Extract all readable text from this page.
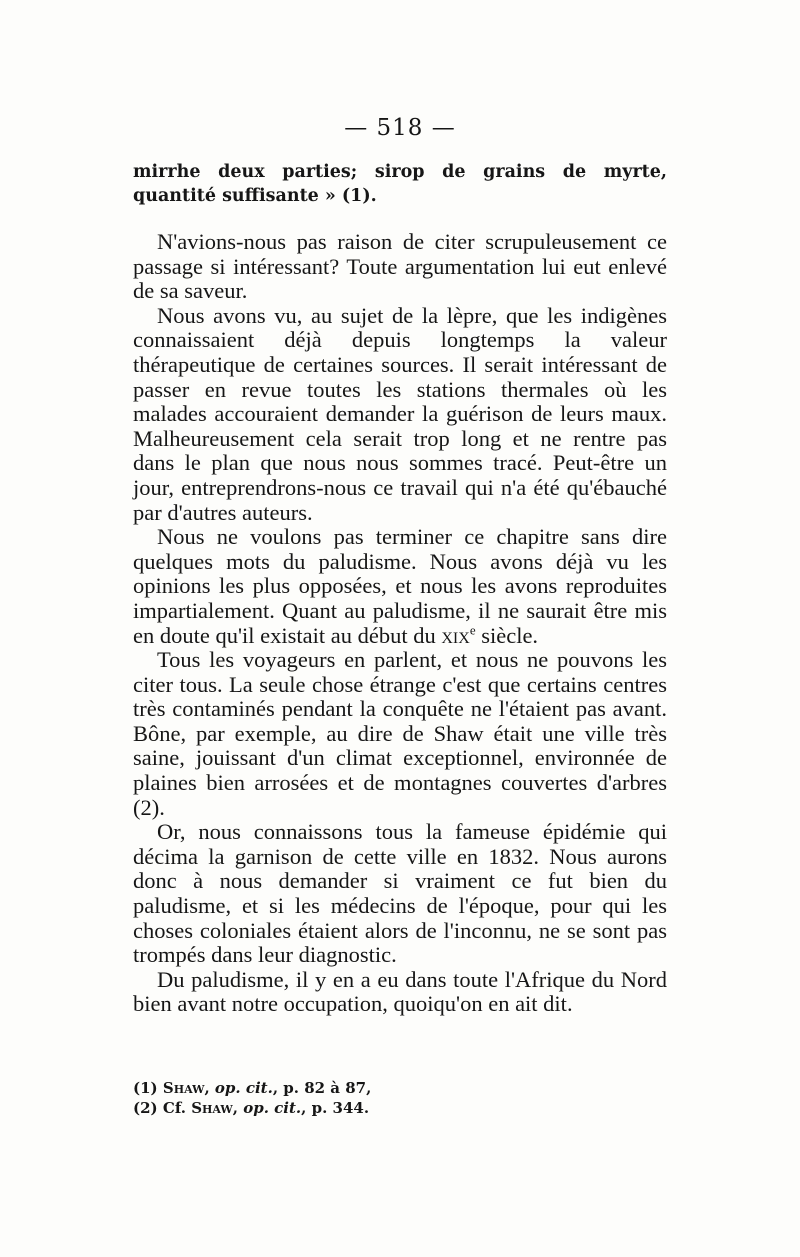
— 518 —

mirrhe deux parties; sirop de grains de myrte, quantité suffisante » (1).

N'avions-nous pas raison de citer scrupuleusement ce passage si intéressant? Toute argumentation lui eut enlevé de sa saveur.

Nous avons vu, au sujet de la lèpre, que les indigènes connaissaient déjà depuis longtemps la valeur thérapeutique de certaines sources. Il serait intéressant de passer en revue toutes les stations thermales où les malades accouraient demander la guérison de leurs maux. Malheureusement cela serait trop long et ne rentre pas dans le plan que nous nous sommes tracé. Peut-être un jour, entreprendrons-nous ce travail qui n'a été qu'ébauché par d'autres auteurs.

Nous ne voulons pas terminer ce chapitre sans dire quelques mots du paludisme. Nous avons déjà vu les opinions les plus opposées, et nous les avons reproduites impartialement. Quant au paludisme, il ne saurait être mis en doute qu'il existait au début du xix$^e$ siècle.

Tous les voyageurs en parlent, et nous ne pouvons les citer tous. La seule chose étrange c'est que certains centres très contaminés pendant la conquête ne l'étaient pas avant. Bône, par exemple, au dire de Shaw était une ville très saine, jouissant d'un climat exceptionnel, environnée de plaines bien arrosées et de montagnes couvertes d'arbres (2).

Or, nous connaissons tous la fameuse épidémie qui décima la garnison de cette ville en 1832. Nous aurons donc à nous demander si vraiment ce fut bien du paludisme, et si les médecins de l'époque, pour qui les choses coloniales étaient alors de l'inconnu, ne se sont pas trompés dans leur diagnostic.

Du paludisme, il y en a eu dans toute l'Afrique du Nord bien avant notre occupation, quoiqu'on en ait dit.

(1) Shaw, op. cit., p. 82 à 87,

(2) Cf. Shaw, op. cit., p. 344.
